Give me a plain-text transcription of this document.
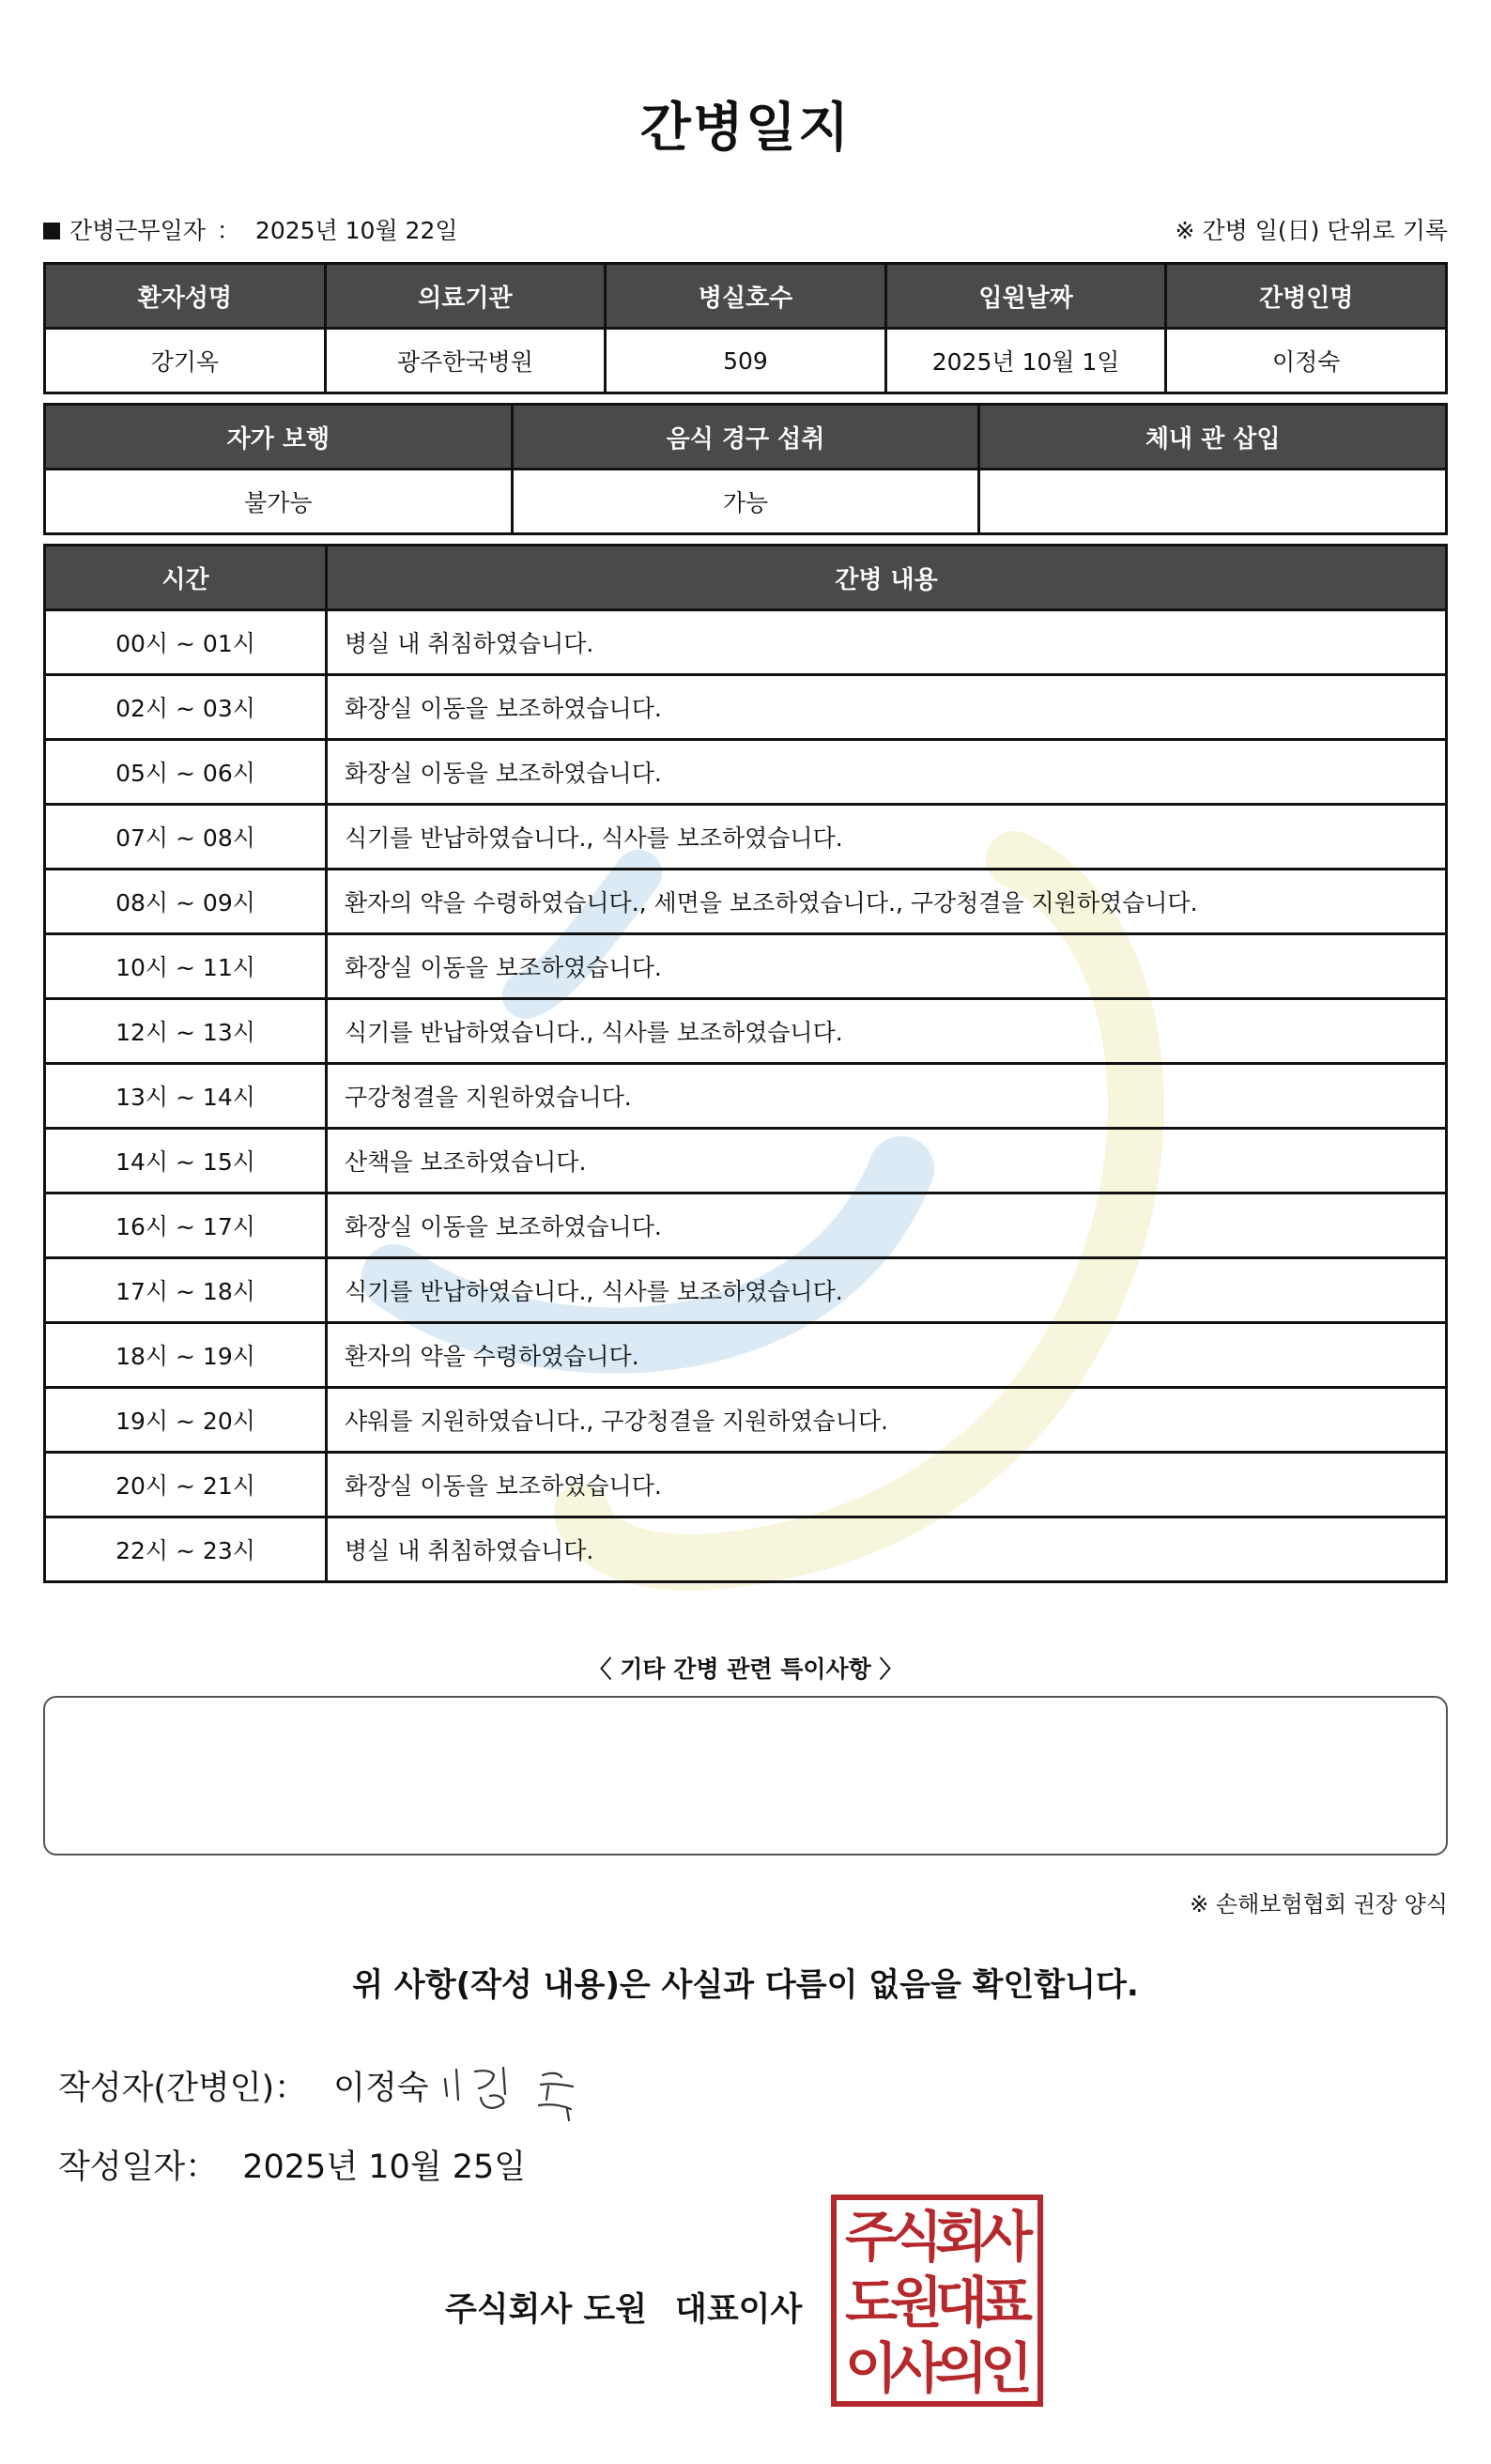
간병일지
간병근무일자 ： 2025년 10월 22일	※ 간병 일(日) 단위로 기록
환자성명	의료기관	병실호수	입원날짜	간병인명
강기옥	광주한국병원	509	2025년 10월 1일	이정숙
자가 보행	음식 경구 섭취	체내 관 삽입
불가능	가능	
시간	간병 내용
00시 ~ 01시	병실 내 취침하였습니다.
02시 ~ 03시	화장실 이동을 보조하였습니다.
05시 ~ 06시	화장실 이동을 보조하였습니다.
07시 ~ 08시	식기를 반납하였습니다., 식사를 보조하였습니다.
08시 ~ 09시	환자의 약을 수령하였습니다., 세면을 보조하였습니다., 구강청결을 지원하였습니다.
10시 ~ 11시	화장실 이동을 보조하였습니다.
12시 ~ 13시	식기를 반납하였습니다., 식사를 보조하였습니다.
13시 ~ 14시	구강청결을 지원하였습니다.
14시 ~ 15시	산책을 보조하였습니다.
16시 ~ 17시	화장실 이동을 보조하였습니다.
17시 ~ 18시	식기를 반납하였습니다., 식사를 보조하였습니다.
18시 ~ 19시	환자의 약을 수령하였습니다.
19시 ~ 20시	샤워를 지원하였습니다., 구강청결을 지원하였습니다.
20시 ~ 21시	화장실 이동을 보조하였습니다.
22시 ~ 23시	병실 내 취침하였습니다.
〈 기타 간병 관련 특이사항 〉
※ 손해보험협회 권장 양식
위 사항(작성 내용)은 사실과 다름이 없음을 확인합니다.
작성자(간병인)： 이정숙
작성일자： 2025년 10월 25일
주식회사 도원 대표이사
주
식
회
사
도
원
대
표
이
사
의
인
